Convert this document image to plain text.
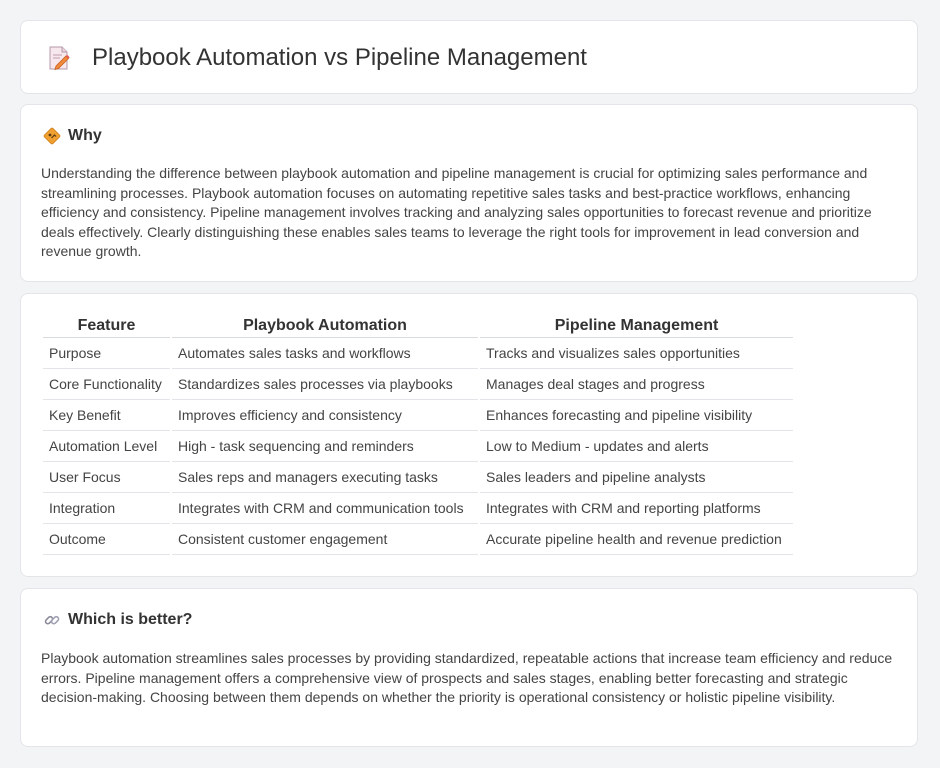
Playbook Automation vs Pipeline Management
Why

Understanding the difference between playbook automation and pipeline management is crucial for optimizing sales performance and streamlining processes. Playbook automation focuses on automating repetitive sales tasks and best-practice workflows, enhancing efficiency and consistency. Pipeline management involves tracking and analyzing sales opportunities to forecast revenue and prioritize deals effectively. Clearly distinguishing these enables sales teams to leverage the right tools for improvement in lead conversion and revenue growth.

Feature	Playbook Automation	Pipeline Management
Purpose	Automates sales tasks and workflows	Tracks and visualizes sales opportunities
Core Functionality	Standardizes sales processes via playbooks	Manages deal stages and progress
Key Benefit	Improves efficiency and consistency	Enhances forecasting and pipeline visibility
Automation Level	High - task sequencing and reminders	Low to Medium - updates and alerts
User Focus	Sales reps and managers executing tasks	Sales leaders and pipeline analysts
Integration	Integrates with CRM and communication tools	Integrates with CRM and reporting platforms
Outcome	Consistent customer engagement	Accurate pipeline health and revenue prediction
Which is better?

Playbook automation streamlines sales processes by providing standardized, repeatable actions that increase team efficiency and reduce errors. Pipeline management offers a comprehensive view of prospects and sales stages, enabling better forecasting and strategic decision-making. Choosing between them depends on whether the priority is operational consistency or holistic pipeline visibility.
